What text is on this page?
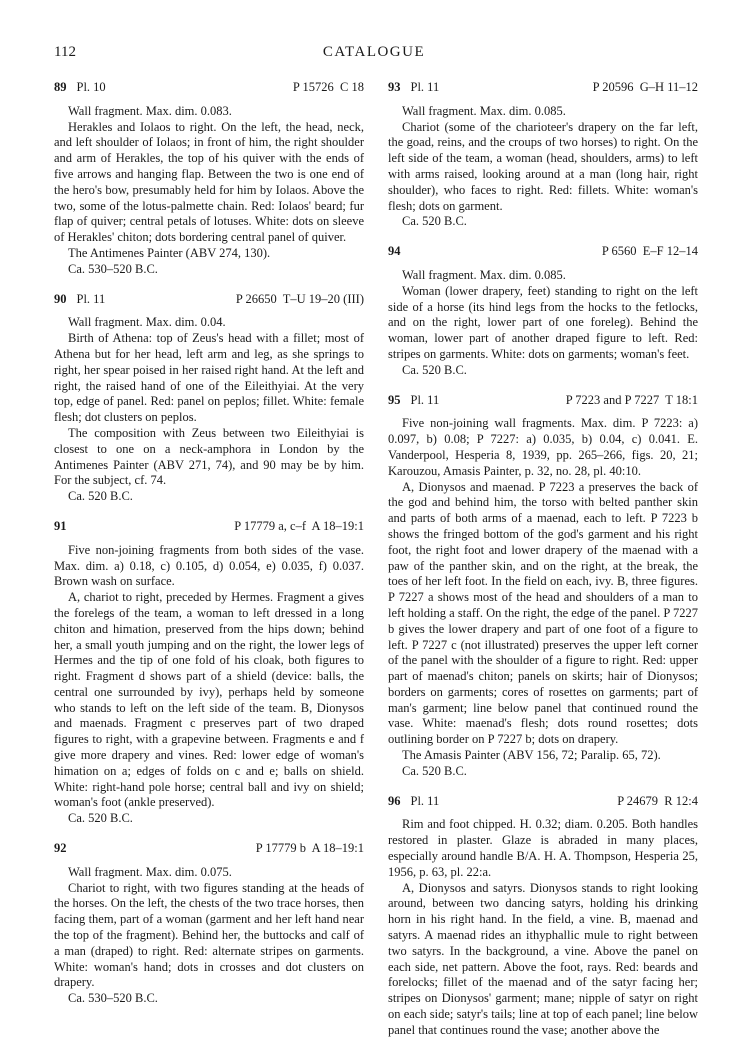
112	CATALOGUE
89 Pl. 10	P 15726  C 18

Wall fragment. Max. dim. 0.083.

Herakles and Iolaos to right. On the left, the head, neck, and left shoulder of Iolaos; in front of him, the right shoulder and arm of Herakles, the top of his quiver with the ends of five arrows and hanging flap. Between the two is one end of the hero's bow, presumably held for him by Iolaos. Above the two, some of the lotus-palmette chain. Red: Iolaos' beard; fur flap of quiver; central petals of lotuses. White: dots on sleeve of Herakles' chiton; dots bordering central panel of quiver.

The Antimenes Painter (ABV 274, 130).

Ca. 530–520 B.C.

90 Pl. 11	P 26650  T–U 19–20 (III)

Wall fragment. Max. dim. 0.04.

Birth of Athena: top of Zeus's head with a fillet; most of Athena but for her head, left arm and leg, as she springs to right, her spear poised in her raised right hand. At the left and right, the raised hand of one of the Eileithyiai. At the very top, edge of panel. Red: panel on peplos; fillet. White: female flesh; dot clusters on peplos.

The composition with Zeus between two Eileithyiai is closest to one on a neck-amphora in London by the Antimenes Painter (ABV 271, 74), and 90 may be by him. For the subject, cf. 74.

Ca. 520 B.C.

91	P 17779 a, c–f  A 18–19:1

Five non-joining fragments from both sides of the vase. Max. dim. a) 0.18, c) 0.105, d) 0.054, e) 0.035, f) 0.037. Brown wash on surface.

A, chariot to right, preceded by Hermes. Fragment a gives the forelegs of the team, a woman to left dressed in a long chiton and himation, preserved from the hips down; behind her, a small youth jumping and on the right, the lower legs of Hermes and the tip of one fold of his cloak, both figures to right. Fragment d shows part of a shield (device: balls, the central one surrounded by ivy), perhaps held by someone who stands to left on the left side of the team. B, Dionysos and maenads. Fragment c preserves part of two draped figures to right, with a grapevine between. Fragments e and f give more drapery and vines. Red: lower edge of woman's himation on a; edges of folds on c and e; balls on shield. White: right-hand pole horse; central ball and ivy on shield; woman's foot (ankle preserved).

Ca. 520 B.C.

92	P 17779 b  A 18–19:1

Wall fragment. Max. dim. 0.075.

Chariot to right, with two figures standing at the heads of the horses. On the left, the chests of the two trace horses, then facing them, part of a woman (garment and her left hand near the top of the fragment). Behind her, the buttocks and calf of a man (draped) to right. Red: alternate stripes on garments. White: woman's hand; dots in crosses and dot clusters on drapery.

Ca. 530–520 B.C.

93 Pl. 11	P 20596  G–H 11–12

Wall fragment. Max. dim. 0.085.

Chariot (some of the charioteer's drapery on the far left, the goad, reins, and the croups of two horses) to right. On the left side of the team, a woman (head, shoulders, arms) to left with arms raised, looking around at a man (long hair, right shoulder), who faces to right. Red: fillets. White: woman's flesh; dots on garment.

Ca. 520 B.C.

94	P 6560  E–F 12–14

Wall fragment. Max. dim. 0.085.

Woman (lower drapery, feet) standing to right on the left side of a horse (its hind legs from the hocks to the fetlocks, and on the right, lower part of one foreleg). Behind the woman, lower part of another draped figure to left. Red: stripes on garments. White: dots on garments; woman's feet.

Ca. 520 B.C.

95 Pl. 11	P 7223 and P 7227  T 18:1

Five non-joining wall fragments. Max. dim. P 7223: a) 0.097, b) 0.08; P 7227: a) 0.035, b) 0.04, c) 0.041. E. Vanderpool, Hesperia 8, 1939, pp. 265–266, figs. 20, 21; Karouzou, Amasis Painter, p. 32, no. 28, pl. 40:10.

A, Dionysos and maenad. P 7223 a preserves the back of the god and behind him, the torso with belted panther skin and parts of both arms of a maenad, each to left. P 7223 b shows the fringed bottom of the god's garment and his right foot, the right foot and lower drapery of the maenad with a paw of the panther skin, and on the right, at the break, the toes of her left foot. In the field on each, ivy. B, three figures. P 7227 a shows most of the head and shoulders of a man to left holding a staff. On the right, the edge of the panel. P 7227 b gives the lower drapery and part of one foot of a figure to left. P 7227 c (not illustrated) preserves the upper left corner of the panel with the shoulder of a figure to right. Red: upper part of maenad's chiton; panels on skirts; hair of Dionysos; borders on garments; cores of rosettes on garments; part of man's garment; line below panel that continued round the vase. White: maenad's flesh; dots round rosettes; dots outlining border on P 7227 b; dots on drapery.

The Amasis Painter (ABV 156, 72; Paralip. 65, 72).

Ca. 520 B.C.

96 Pl. 11	P 24679  R 12:4

Rim and foot chipped. H. 0.32; diam. 0.205. Both handles restored in plaster. Glaze is abraded in many places, especially around handle B/A. H. A. Thompson, Hesperia 25, 1956, p. 63, pl. 22:a.

A, Dionysos and satyrs. Dionysos stands to right looking around, between two dancing satyrs, holding his drinking horn in his right hand. In the field, a vine. B, maenad and satyrs. A maenad rides an ithyphallic mule to right between two satyrs. In the background, a vine. Above the panel on each side, net pattern. Above the foot, rays. Red: beards and forelocks; fillet of the maenad and of the satyr facing her; stripes on Dionysos' garment; mane; nipple of satyr on right on each side; satyr's tails; line at top of each panel; line below panel that continues round the vase; another above the
